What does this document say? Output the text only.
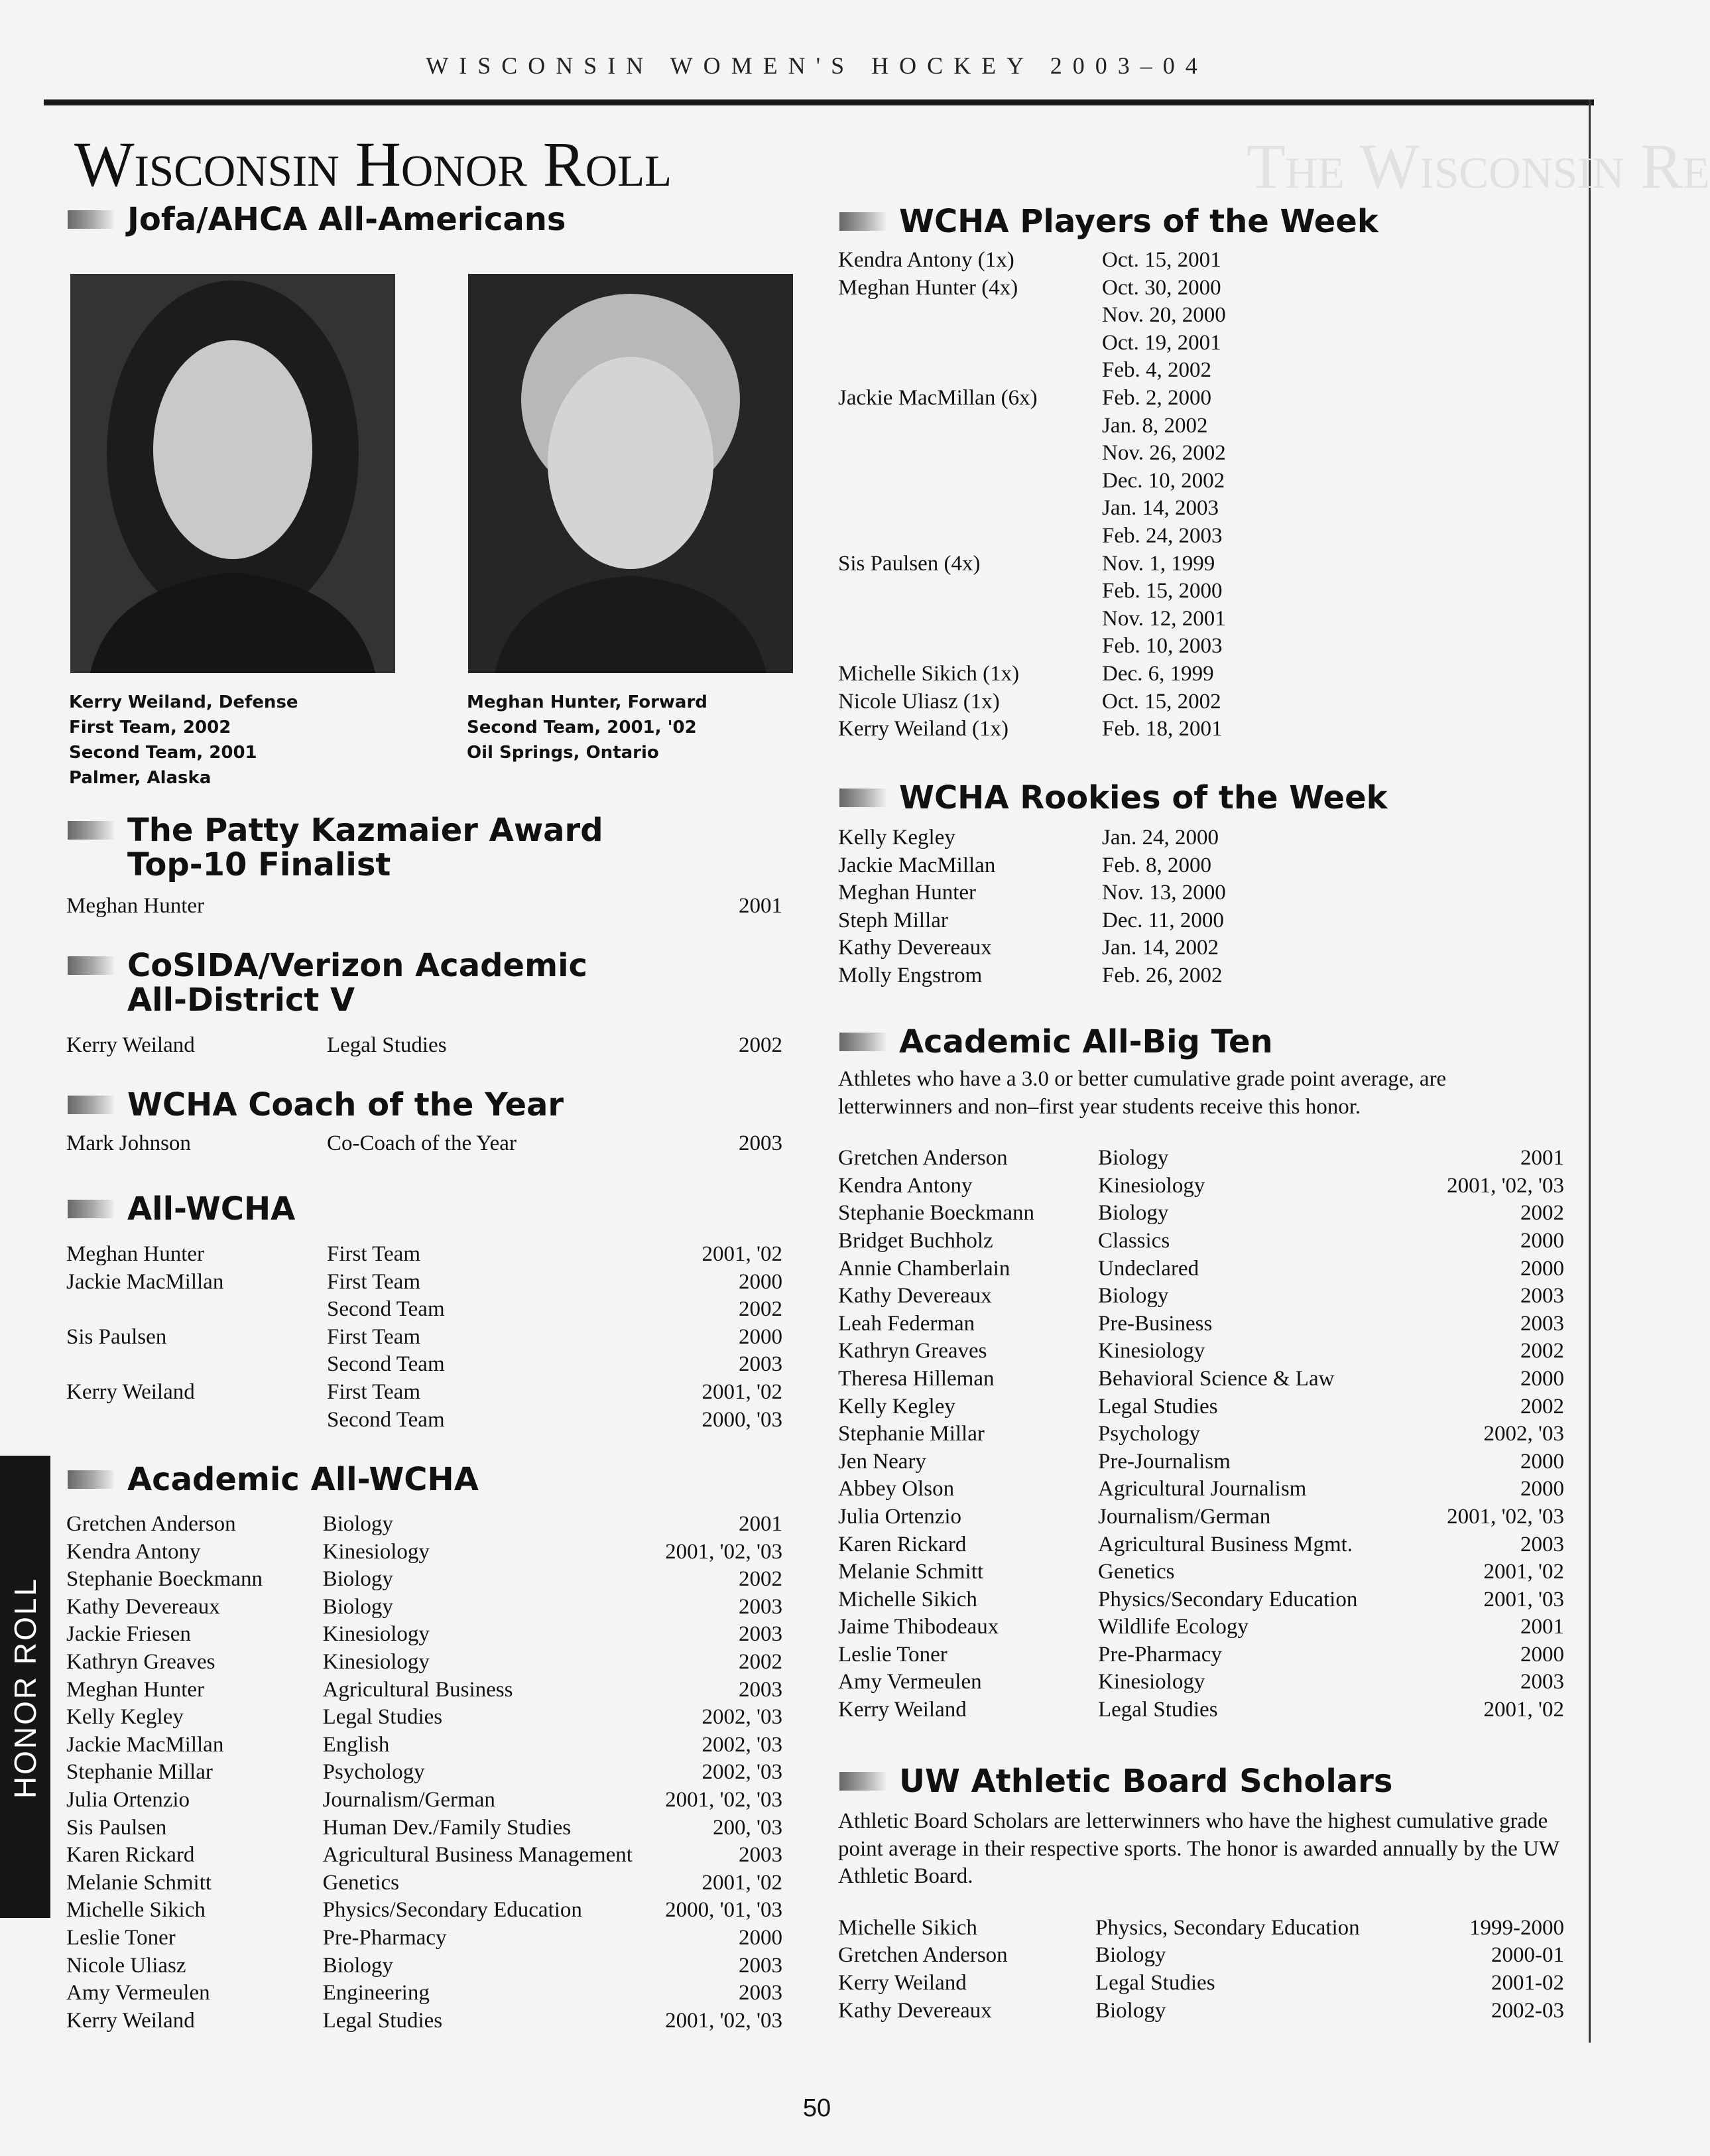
WISCONSIN WOMEN'S HOCKEY 2003–04
The Wisconsin Re
Wisconsin Honor Roll
Jofa/AHCA All-Americans
Kerry Weiland, Defense
First Team, 2002
Second Team, 2001
Palmer, Alaska
Meghan Hunter, Forward
Second Team, 2001, '02
Oil Springs, Ontario
The Patty Kazmaier Award
Top-10 Finalist
Meghan Hunter		2001
CoSIDA/Verizon Academic
All-District V
Kerry Weiland	Legal Studies	2002
WCHA Coach of the Year
Mark Johnson	Co-Coach of the Year	2003
All-WCHA
Meghan Hunter	First Team	2001, '02
Jackie MacMillan	First Team	2000
	Second Team	2002
Sis Paulsen	First Team	2000
	Second Team	2003
Kerry Weiland	First Team	2001, '02
	Second Team	2000, '03
Academic All-WCHA
Gretchen Anderson	Biology	2001
Kendra Antony	Kinesiology	2001, '02, '03
Stephanie Boeckmann	Biology	2002
Kathy Devereaux	Biology	2003
Jackie Friesen	Kinesiology	2003
Kathryn Greaves	Kinesiology	2002
Meghan Hunter	Agricultural Business	2003
Kelly Kegley	Legal Studies	2002, '03
Jackie MacMillan	English	2002, '03
Stephanie Millar	Psychology	2002, '03
Julia Ortenzio	Journalism/German	2001, '02, '03
Sis Paulsen	Human Dev./Family Studies	200, '03
Karen Rickard	Agricultural Business Management	2003
Melanie Schmitt	Genetics	2001, '02
Michelle Sikich	Physics/Secondary Education	2000, '01, '03
Leslie Toner	Pre-Pharmacy	2000
Nicole Uliasz	Biology	2003
Amy Vermeulen	Engineering	2003
Kerry Weiland	Legal Studies	2001, '02, '03
WCHA Players of the Week
Kendra Antony (1x)	Oct. 15, 2001
Meghan Hunter (4x)	Oct. 30, 2000
	Nov. 20, 2000
	Oct. 19, 2001
	Feb. 4, 2002
Jackie MacMillan (6x)	Feb. 2, 2000
	Jan. 8, 2002
	Nov. 26, 2002
	Dec. 10, 2002
	Jan. 14, 2003
	Feb. 24, 2003
Sis Paulsen (4x)	Nov. 1, 1999
	Feb. 15, 2000
	Nov. 12, 2001
	Feb. 10, 2003
Michelle Sikich (1x)	Dec. 6, 1999
Nicole Uliasz (1x)	Oct. 15, 2002
Kerry Weiland (1x)	Feb. 18, 2001
WCHA Rookies of the Week
Kelly Kegley	Jan. 24, 2000
Jackie MacMillan	Feb. 8, 2000
Meghan Hunter	Nov. 13, 2000
Steph Millar	Dec. 11, 2000
Kathy Devereaux	Jan. 14, 2002
Molly Engstrom	Feb. 26, 2002
Academic All-Big Ten

Athletes who have a 3.0 or better cumulative grade point average, are letterwinners and non–first year students receive this honor.

Gretchen Anderson	Biology	2001
Kendra Antony	Kinesiology	2001, '02, '03
Stephanie Boeckmann	Biology	2002
Bridget Buchholz	Classics	2000
Annie Chamberlain	Undeclared	2000
Kathy Devereaux	Biology	2003
Leah Federman	Pre-Business	2003
Kathryn Greaves	Kinesiology	2002
Theresa Hilleman	Behavioral Science & Law	2000
Kelly Kegley	Legal Studies	2002
Stephanie Millar	Psychology	2002, '03
Jen Neary	Pre-Journalism	2000
Abbey Olson	Agricultural Journalism	2000
Julia Ortenzio	Journalism/German	2001, '02, '03
Karen Rickard	Agricultural Business Mgmt.	2003
Melanie Schmitt	Genetics	2001, '02
Michelle Sikich	Physics/Secondary Education	2001, '03
Jaime Thibodeaux	Wildlife Ecology	2001
Leslie Toner	Pre-Pharmacy	2000
Amy Vermeulen	Kinesiology	2003
Kerry Weiland	Legal Studies	2001, '02
UW Athletic Board Scholars

Athletic Board Scholars are letterwinners who have the highest cumulative grade point average in their respective sports. The honor is awarded annually by the UW Athletic Board.

Michelle Sikich	Physics, Secondary Education	1999-2000
Gretchen Anderson	Biology	2000-01
Kerry Weiland	Legal Studies	2001-02
Kathy Devereaux	Biology	2002-03
HONOR ROLL
50
